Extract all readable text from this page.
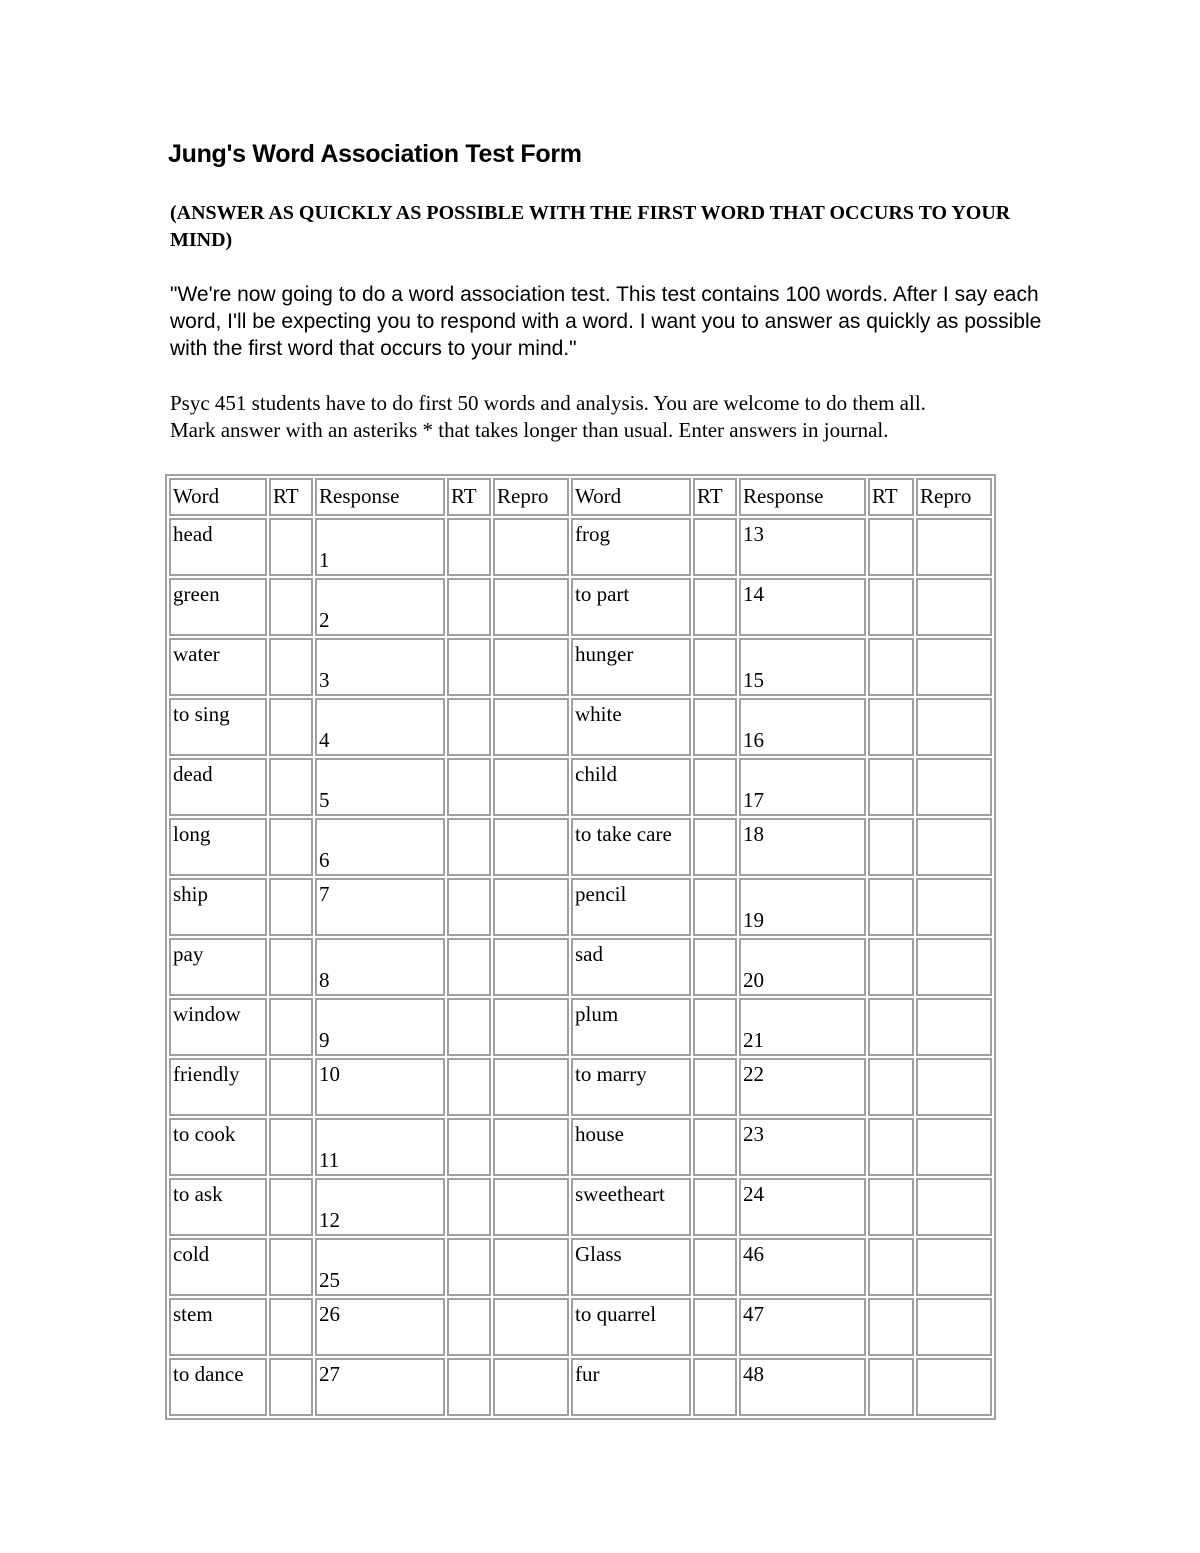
Jung's Word Association Test Form

(ANSWER AS QUICKLY AS POSSIBLE WITH THE FIRST WORD THAT OCCURS TO YOUR MIND)

"We're now going to do a word association test. This test contains 100 words. After I say each word, I'll be expecting you to respond with a word. I want you to answer as quickly as possible with the first word that occurs to your mind."

Psyc 451 students have to do first 50 words and analysis. You are welcome to do them all.
Mark answer with an asteriks * that takes longer than usual. Enter answers in journal.

Word	RT	Response	RT	Repro	Word	RT	Response	RT	Repro
head		1			frog		13		

green		2			to part		14		

water		3			hunger		15		

to sing		4			white		16		

dead		5			child		17		

long		6			to take care		18		

ship		7			pencil		19		

pay		8			sad		20		

window		9			plum		21		

friendly		10			to marry		22		

to cook		11			house		23		

to ask		12			sweetheart		24		

cold		25			Glass		46		

stem		26			to quarrel		47		

to dance		27			fur		48		
